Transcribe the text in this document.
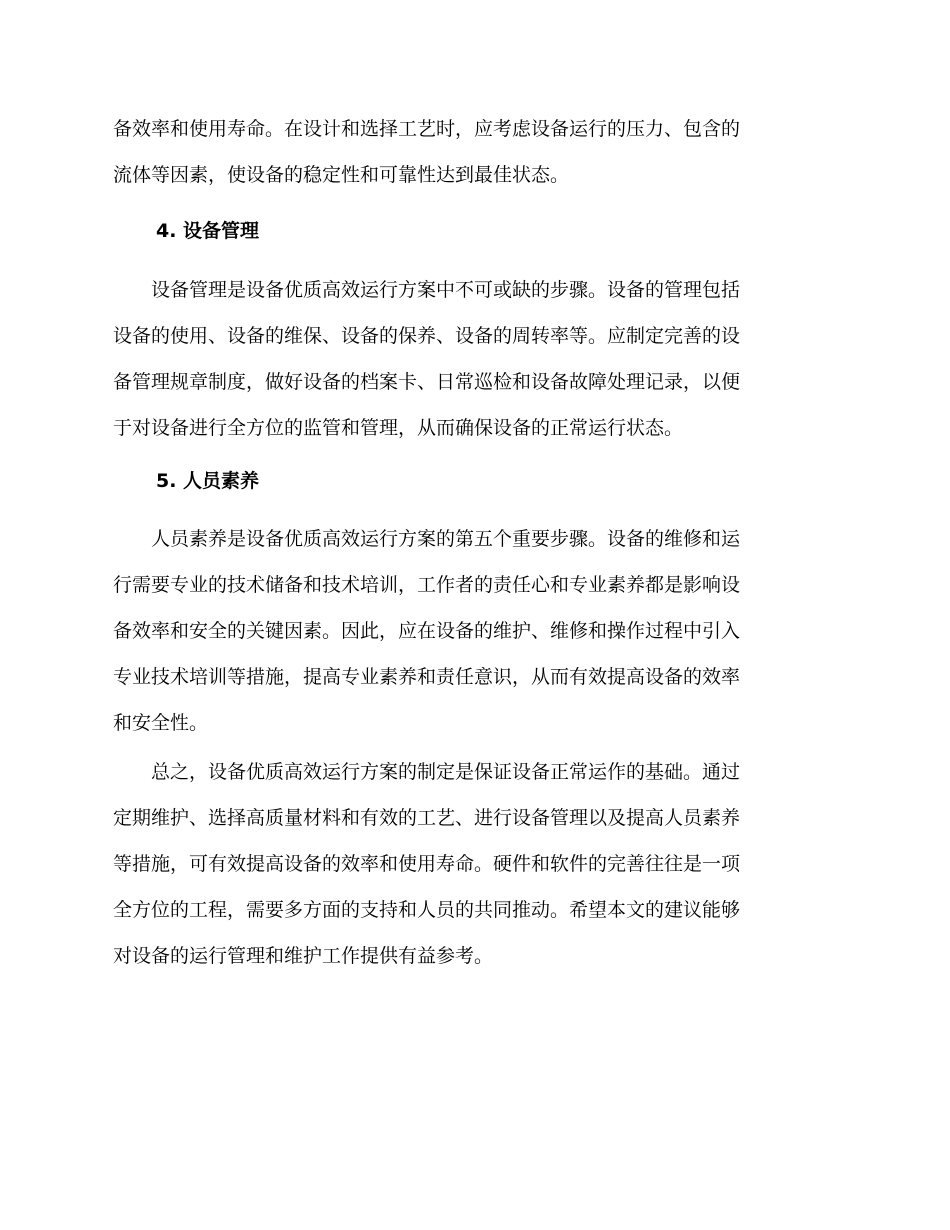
备效率和使用寿命。在设计和选择工艺时，应考虑设备运行的压力、包含的
流体等因素，使设备的稳定性和可靠性达到最佳状态。
4. 设备管理
　　设备管理是设备优质高效运行方案中不可或缺的步骤。设备的管理包括
设备的使用、设备的维保、设备的保养、设备的周转率等。应制定完善的设
备管理规章制度，做好设备的档案卡、日常巡检和设备故障处理记录，以便
于对设备进行全方位的监管和管理，从而确保设备的正常运行状态。
5. 人员素养
　　人员素养是设备优质高效运行方案的第五个重要步骤。设备的维修和运
行需要专业的技术储备和技术培训，工作者的责任心和专业素养都是影响设
备效率和安全的关键因素。因此，应在设备的维护、维修和操作过程中引入
专业技术培训等措施，提高专业素养和责任意识，从而有效提高设备的效率
和安全性。
　　总之，设备优质高效运行方案的制定是保证设备正常运作的基础。通过
定期维护、选择高质量材料和有效的工艺、进行设备管理以及提高人员素养
等措施，可有效提高设备的效率和使用寿命。硬件和软件的完善往往是一项
全方位的工程，需要多方面的支持和人员的共同推动。希望本文的建议能够
对设备的运行管理和维护工作提供有益参考。
